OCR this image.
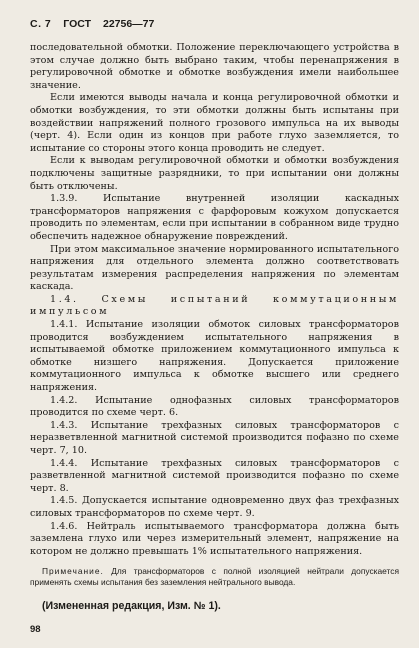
С. 7 ГОСТ 22756—77

последовательной обмотки. Положение переключающего устройства в этом случае должно быть выбрано таким, чтобы перенапряжения в регулировочной обмотке и обмотке возбуждения имели наибольшее значение.

Если имеются выводы начала и конца регулировочной обмотки и обмотки возбуждения, то эти обмотки должны быть испытаны при воздействии напряжений полного грозового импульса на их выводы (черт. 4). Если один из концов при работе глухо заземляется, то испытание со стороны этого конца проводить не следует.

Если к выводам регулировочной обмотки и обмотки возбуждения подключены защитные разрядники, то при испытании они должны быть отключены.

1.3.9. Испытание внутренней изоляции каскадных трансформаторов напряжения с фарфоровым кожухом допускается проводить по элементам, если при испытании в собранном виде трудно обеспечить надежное обнаружение повреждений.

При этом максимальное значение нормированного испытательного напряжения для отдельного элемента должно соответствовать результатам измерения распределения напряжения по элементам каскада.

1.4. Схемы испытаний коммутационным импульсом

1.4.1. Испытание изоляции обмоток силовых трансформаторов проводится возбуждением испытательного напряжения в испытываемой обмотке приложением коммутационного импульса к обмотке низшего напряжения. Допускается приложение коммутационного импульса к обмотке высшего или среднего напряжения.

1.4.2. Испытание однофазных силовых трансформаторов проводится по схеме черт. 6.

1.4.3. Испытание трехфазных силовых трансформаторов с неразветвленной магнитной системой производится пофазно по схеме черт. 7, 10.

1.4.4. Испытание трехфазных силовых трансформаторов с разветвленной магнитной системой производится пофазно по схеме черт. 8.

1.4.5. Допускается испытание одновременно двух фаз трехфазных силовых трансформаторов по схеме черт. 9.

1.4.6. Нейтраль испытываемого трансформатора должна быть заземлена глухо или через измерительный элемент, напряжение на котором не должно превышать 1% испытательного напряжения.

Примечание. Для трансформаторов с полной изоляцией нейтрали допускается применять схемы испытания без заземления нейтрального вывода.
(Измененная редакция, Изм. № 1).
98
